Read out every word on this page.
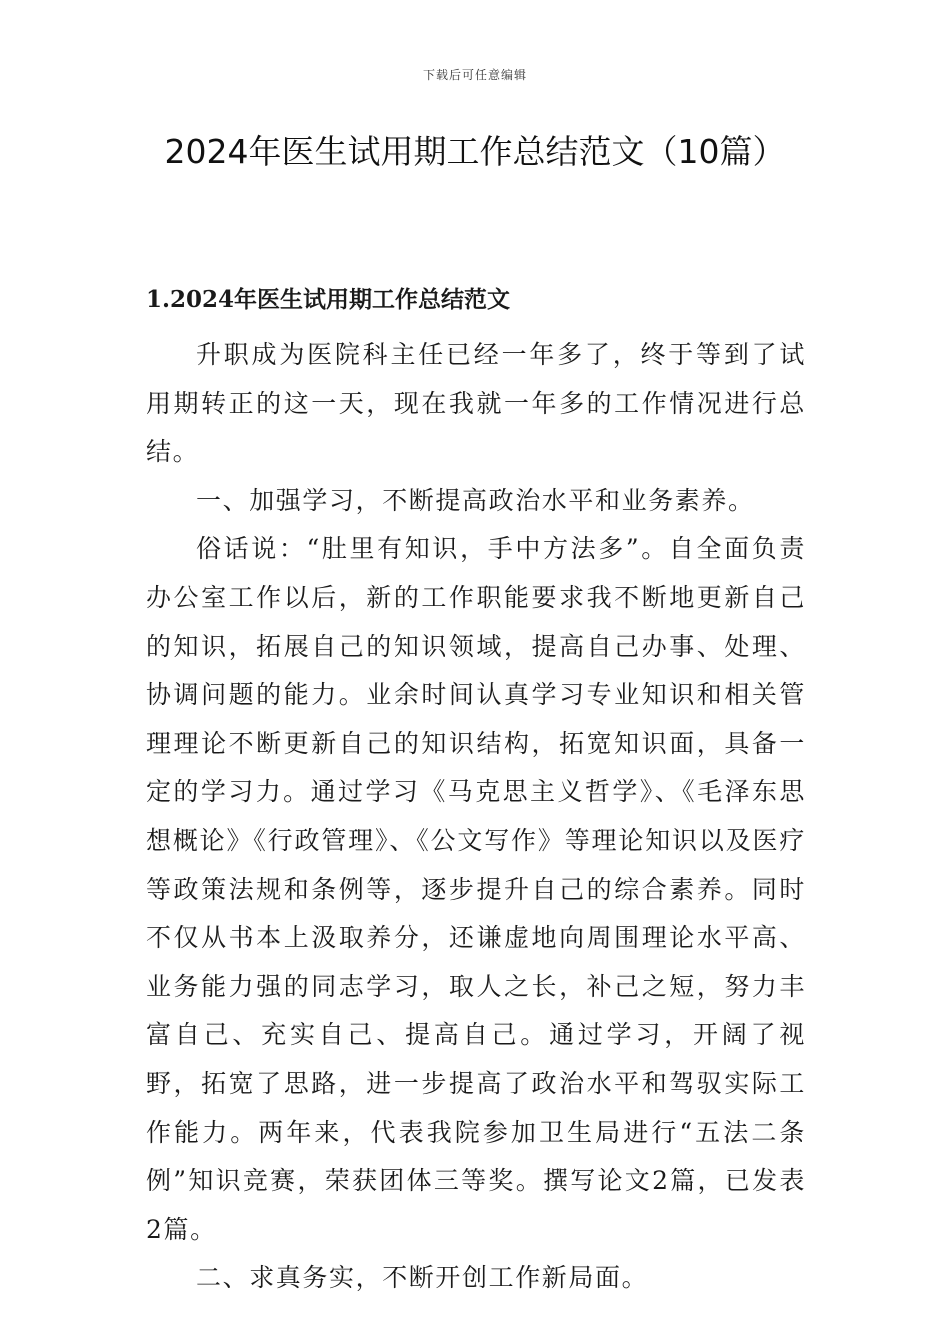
下载后可任意编辑
2024年医生试用期工作总结范文（10篇）
1.2024年医生试用期工作总结范文

升职成为医院科主任已经一年多了，终于等到了试用期转正的这一天，现在我就一年多的工作情况进行总结。

一、加强学习，不断提高政治水平和业务素养。

俗话说：“肚里有知识，手中方法多”。自全面负责办公室工作以后，新的工作职能要求我不断地更新自己的知识，拓展自己的知识领域，提高自己办事、处理、协调问题的能力。业余时间认真学习专业知识和相关管理理论不断更新自己的知识结构，拓宽知识面，具备一定的学习力。通过学习《马克思主义哲学》、《毛泽东思想概论》《行政管理》、《公文写作》等理论知识以及医疗等政策法规和条例等，逐步提升自己的综合素养。同时不仅从书本上汲取养分，还谦虚地向周围理论水平高、业务能力强的同志学习，取人之长，补己之短，努力丰富自己、充实自己、提高自己。通过学习，开阔了视野，拓宽了思路，进一步提高了政治水平和驾驭实际工作能力。两年来，代表我院参加卫生局进行“五法二条例”知识竞赛，荣获团体三等奖。撰写论文2篇，已发表2篇。

二、求真务实，不断开创工作新局面。
